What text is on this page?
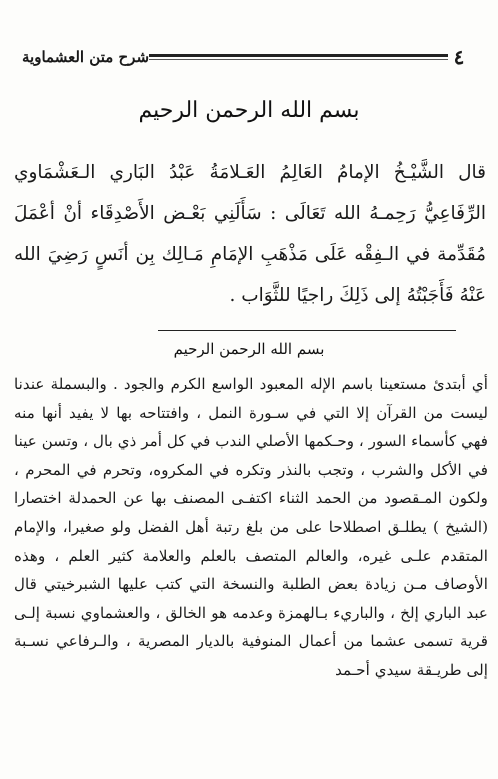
٤
شرح متن العشماوية
بسم الله الرحمن الرحيم

قال الشَّيْـخُ الإمامُ العَالِمُ العَـلامَةُ عَبْدُ البَاري الـعَشْمَاوي الرِّفَاعِيُّ رَحِمـهُ الله تَعَالَى : سَأَلَنِي بَعْـض الأَصْدِقَاء أنْ أعْمَلَ مُقَدِّمة في الـفِقْه عَلَى مَذْهَبِ الإمَامِ مَـالِك بِن أنَسٍ رَضِيَ الله عَنْهُ فَأَجَبْتُهُ إلى ذَلِكَ راجيًا للثَّوَاب .

بسم الله الرحمن الرحيم

أي أبتدئ مستعينا باسم الإله المعبود الواسع الكرم والجود . والبسملة عندنا ليست من القرآن إلا التي في سـورة النمل ، وافتتاحه بها لا يفيد أنها منه فهي كأسماء السور ، وحـكمها الأصلي الندب في كل أمر ذي بال ، وتسن عينا في الأكل والشرب ، وتجب بالنذر وتكره في المكروه، وتحرم في المحرم ، ولكون المـقصود من الحمد الثناء اكتفـى المصنف بها عن الحمدلة اختصارا (الشيخ ) يطلـق اصطلاحا على من بلغ رتبة أهل الفضل ولو صغيرا، والإمام المتقدم علـى غيره، والعالم المتصف بالعلم والعلامة كثير العلم ، وهذه الأوصاف مـن زيادة بعض الطلبة والنسخة التي كتب عليها الشبرخيتي قال عبد الباري إلخ ، والباريء بـالهمزة وعدمه هو الخالق ، والعشماوي نسبة إلـى قرية تسمى عشما من أعمال المنوفية بالديار المصرية ، والـرفاعي نسـبة إلى طريـقة سيدي أحـمد
